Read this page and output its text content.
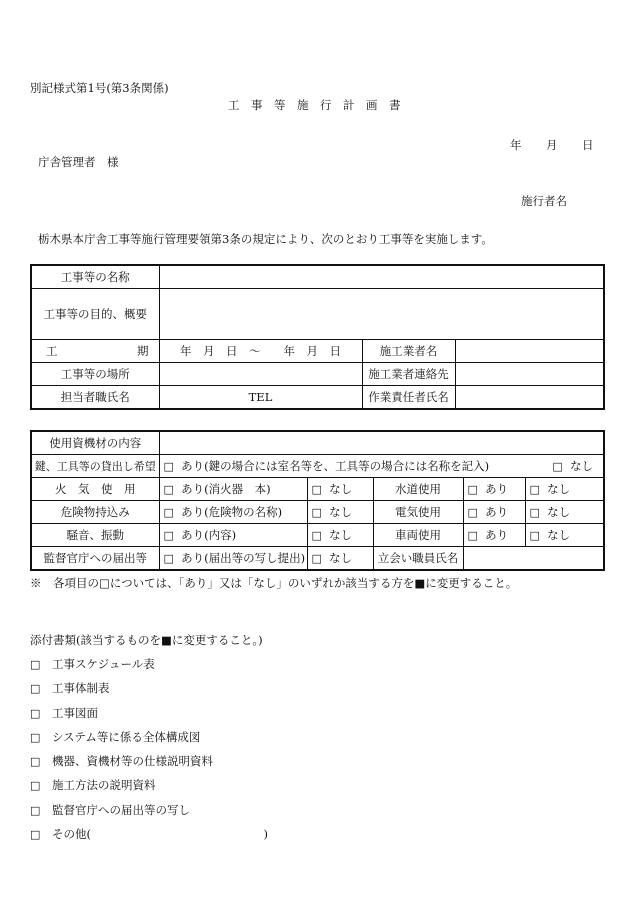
別記様式第1号(第3条関係)
工　事　等　施　行　計　画　書
年 月 日
庁舎管理者　様
施行者名
栃木県本庁舎工事等施行管理要領第3条の規定により、次のとおり工事等を実施します。
工事等の名称			
工事等の目的、概要			

工 期	年　月　日　～　　年　月　日	施工業者名	
工事等の場所		施工業者連絡先	
担当者職氏名	TEL	作業責任者氏名	
使用資機材の内容					
鍵、工具等の貸出し希望	□ あり(鍵の場合には室名等を、工具等の場合には名称を記入) □ なし				

火　気　使　用	□ あり(消火器　本)	□ なし	水道使用	□ あり	□ なし
危険物持込み	□ あり(危険物の名称)	□ なし	電気使用	□ あり	□ なし
騒音、振動	□ あり(内容)	□ なし	車両使用	□ あり	□ なし
監督官庁への届出等	□ あり(届出等の写し提出)	□ なし	立会い職員氏名		
※　各項目の□については、「あり」又は「なし」のいずれか該当する方を■に変更すること。
添付書類(該当するものを■に変更すること。)
□ 工事スケジュール表
□ 工事体制表
□ 工事図面
□ システム等に係る全体構成図
□ 機器、資機材等の仕様説明資料
□ 施工方法の説明資料
□ 監督官庁への届出等の写し
□ その他(　　　　　　　　　　　　　　　)
